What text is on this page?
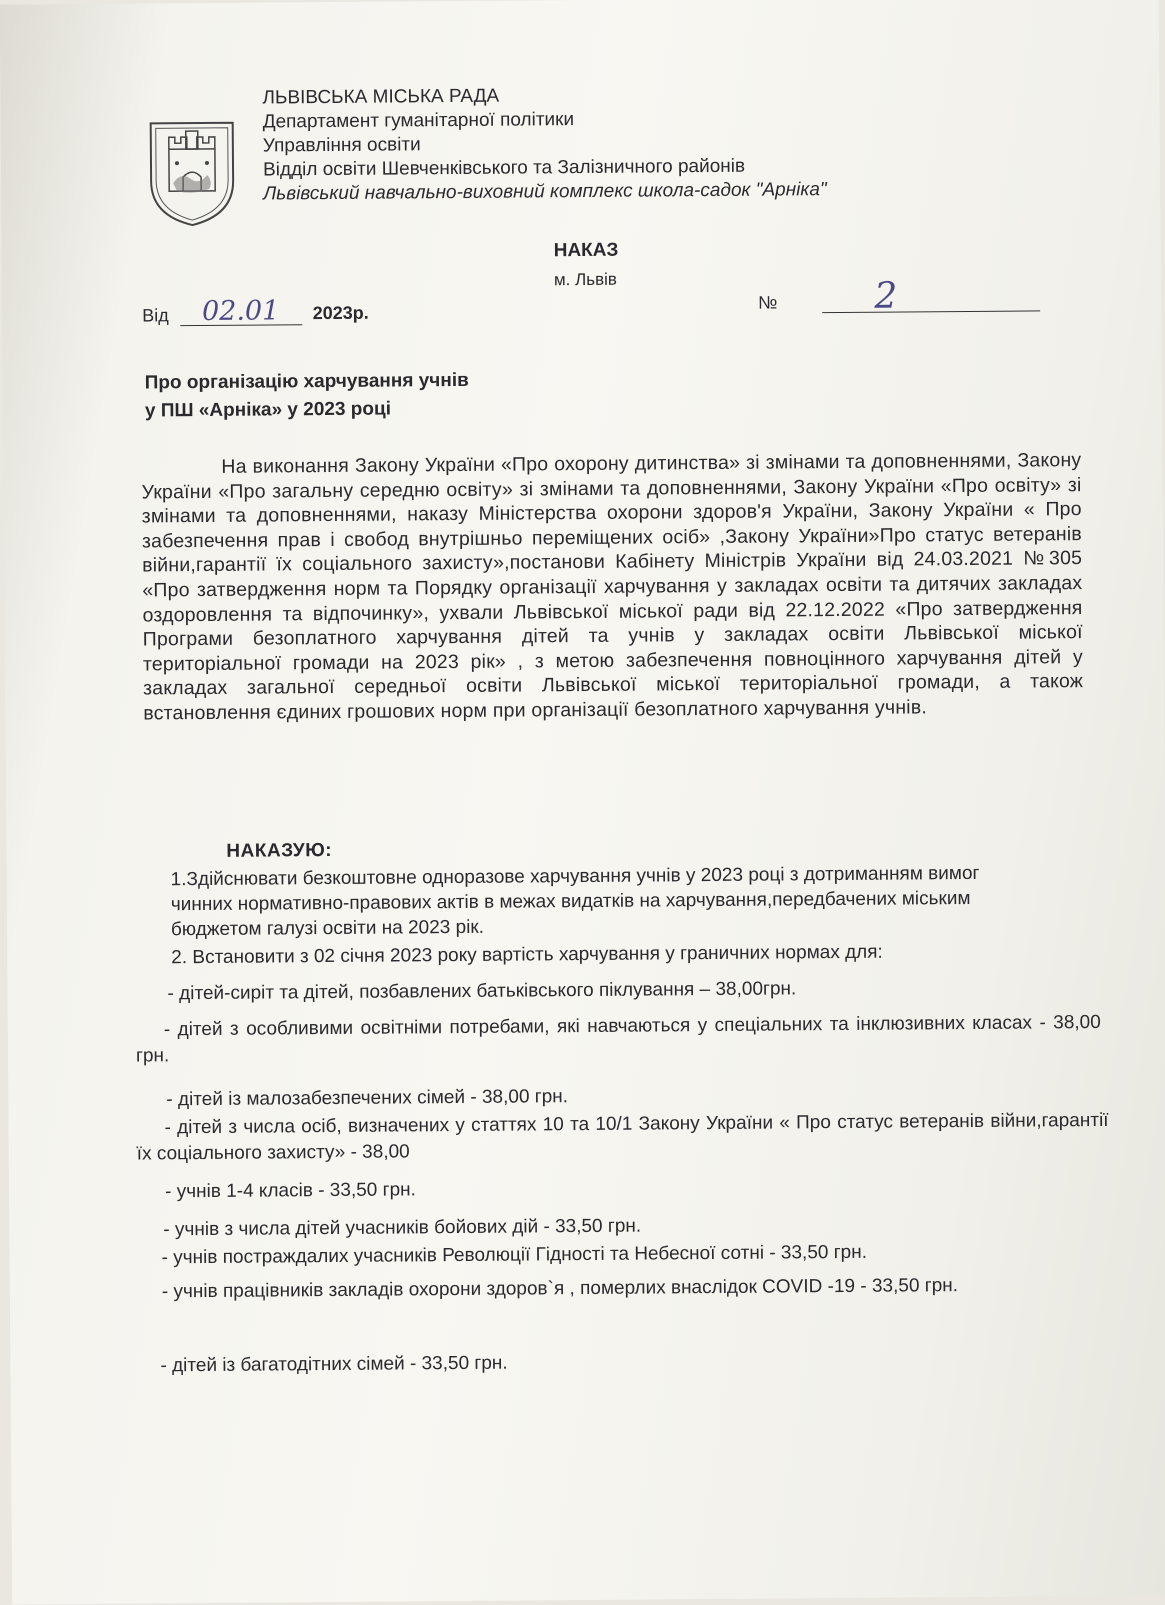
ЛЬВІВСЬКА МІСЬКА РАДА
Департамент гуманітарної політики
Управління освіти
Відділ освіти Шевченківського та Залізничного районів
Львівський навчально-виховний комплекс школа-садок "Арніка"
НАКАЗ
м. Львів
Від 02.01 2023р.
№	2
Про організацію харчування учнів
у ПШ «Арніка» у 2023 році
На виконання Закону України «Про охорону дитинства» зі змінами та доповненнями, Закону України «Про загальну середню освіту» зі змінами та доповненнями, Закону України «Про освіту» зі змінами та доповненнями, наказу Міністерства охорони здоров'я України, Закону України « Про забезпечення прав і свобод внутрішньо переміщених осіб» ,Закону України»Про статус ветеранів війни,гарантії їх соціального захисту»,постанови Кабінету Міністрів України від 24.03.2021 №305 «Про затвердження норм та Порядку організації харчування у закладах освіти та дитячих закладах оздоровлення та відпочинку», ухвали Львівської міської ради від 22.12.2022 «Про затвердження Програми безоплатного харчування дітей та учнів у закладах освіти Львівської міської територіальної громади на 2023 рік» , з метою забезпечення повноцінного харчування дітей у закладах загальної середньої освіти Львівської міської територіальної громади, а також встановлення єдиних грошових норм при організації безоплатного харчування учнів.
НАКАЗУЮ:
1.Здійснювати безкоштовне одноразове харчування учнів у 2023 році з дотриманням вимог чинних нормативно-правових актів в межах видатків на харчування,передбачених міським бюджетом галузі освіти на 2023 рік.
2. Встановити з 02 січня 2023 року вартість харчування у граничних нормах для:
- дітей-сиріт та дітей, позбавлених батьківського піклування – 38,00грн.
- дітей з особливими освітніми потребами, які навчаються у спеціальних та інклюзивних класах - 38,00 грн.
- дітей із малозабезпечених сімей - 38,00 грн.
- дітей з числа осіб, визначених у статтях 10 та 10/1 Закону України « Про статус ветеранів війни,гарантії їх соціального захисту» - 38,00
- учнів 1-4 класів - 33,50 грн.
- учнів з числа дітей учасників бойових дій - 33,50 грн.
- учнів постраждалих учасників Революції Гідності та Небесної сотні - 33,50 грн.
- учнів працівників закладів охорони здоров`я , померлих внаслідок COVID -19 - 33,50 грн.
- дітей із багатодітних сімей - 33,50 грн.
